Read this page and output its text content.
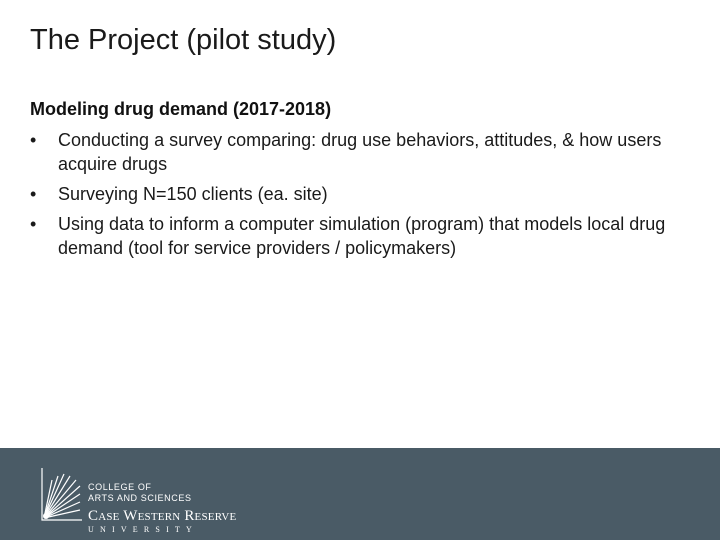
The Project (pilot study)
Modeling drug demand (2017-2018)
• Conducting a survey comparing: drug use behaviors, attitudes, & how users acquire drugs
• Surveying N=150 clients (ea. site)
• Using data to inform a computer simulation (program) that models local drug demand (tool for service providers / policymakers)
COLLEGE OF
ARTS AND SCIENCES
Case Western Reserve
UNIVERSITY
